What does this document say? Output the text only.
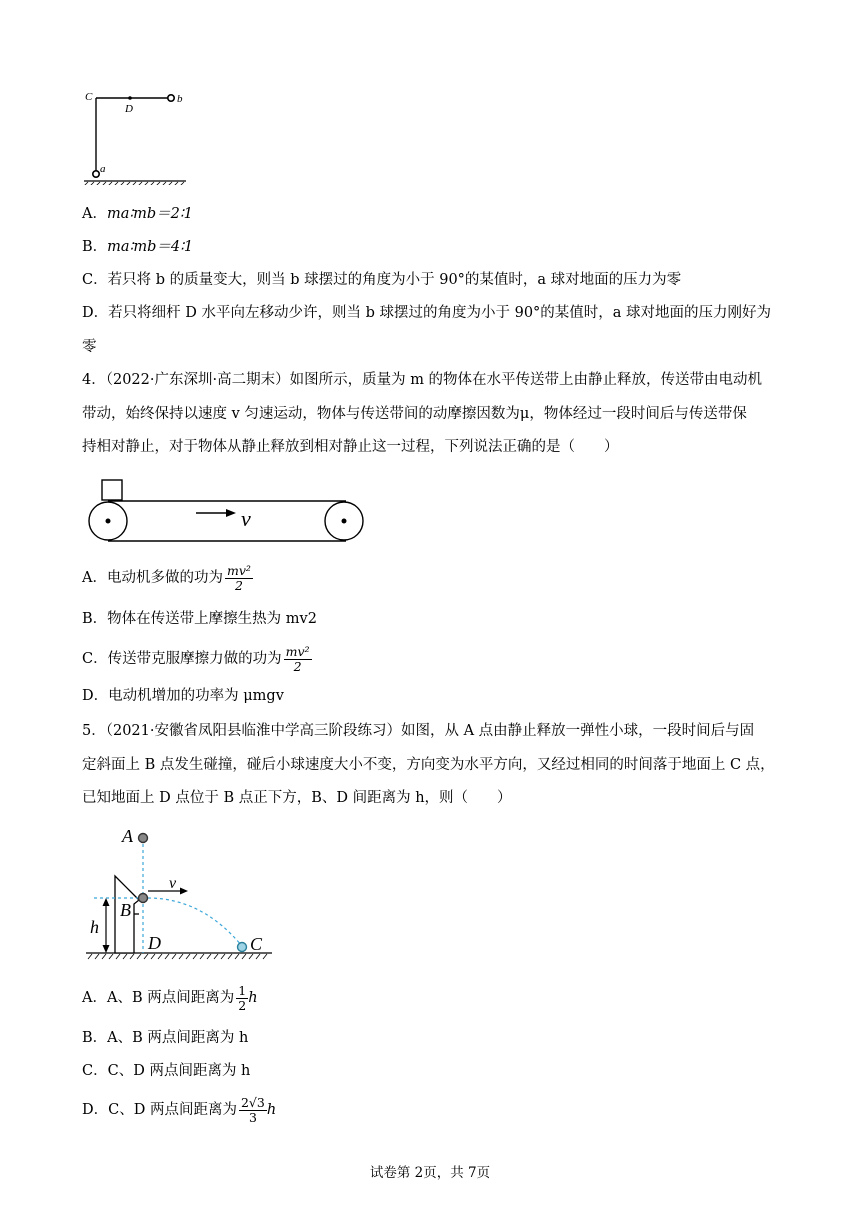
C
D
b
a
A．ma∶mb＝2∶1
B．ma∶mb＝4∶1
C．若只将 b 的质量变大，则当 b 球摆过的角度为小于 90°的某值时，a 球对地面的压力为零
D．若只将细杆 D 水平向左移动少许，则当 b 球摆过的角度为小于 90°的某值时，a 球对地面的压力刚好为
零
4．（2022·广东深圳·高二期末）如图所示，质量为 m 的物体在水平传送带上由静止释放，传送带由电动机
带动，始终保持以速度 v 匀速运动，物体与传送带间的动摩擦因数为μ，物体经过一段时间后与传送带保
持相对静止，对于物体从静止释放到相对静止这一过程，下列说法正确的是（　　）
v
A．电动机多做的功为 $\frac{\text{mv²}}{2}$
B．物体在传送带上摩擦生热为 mv2
C．传送带克服摩擦力做的功为 $\frac{\text{mv²}}{2}$
D．电动机增加的功率为 μmgv
5．（2021·安徽省凤阳县临淮中学高三阶段练习）如图，从 A 点由静止释放一弹性小球，一段时间后与固
定斜面上 B 点发生碰撞，碰后小球速度大小不变，方向变为水平方向，又经过相同的时间落于地面上 C 点，
已知地面上 D 点位于 B 点正下方，B、D 间距离为 h，则（　　）
A
B
C
D
h
v
A．A、B 两点间距离为 $\frac{1}{2}$ h
B．A、B 两点间距离为 h
C．C、D 两点间距离为 h
D．C、D 两点间距离为 $\frac{2√3}{3}$ h
试卷第 2页，共 7页
